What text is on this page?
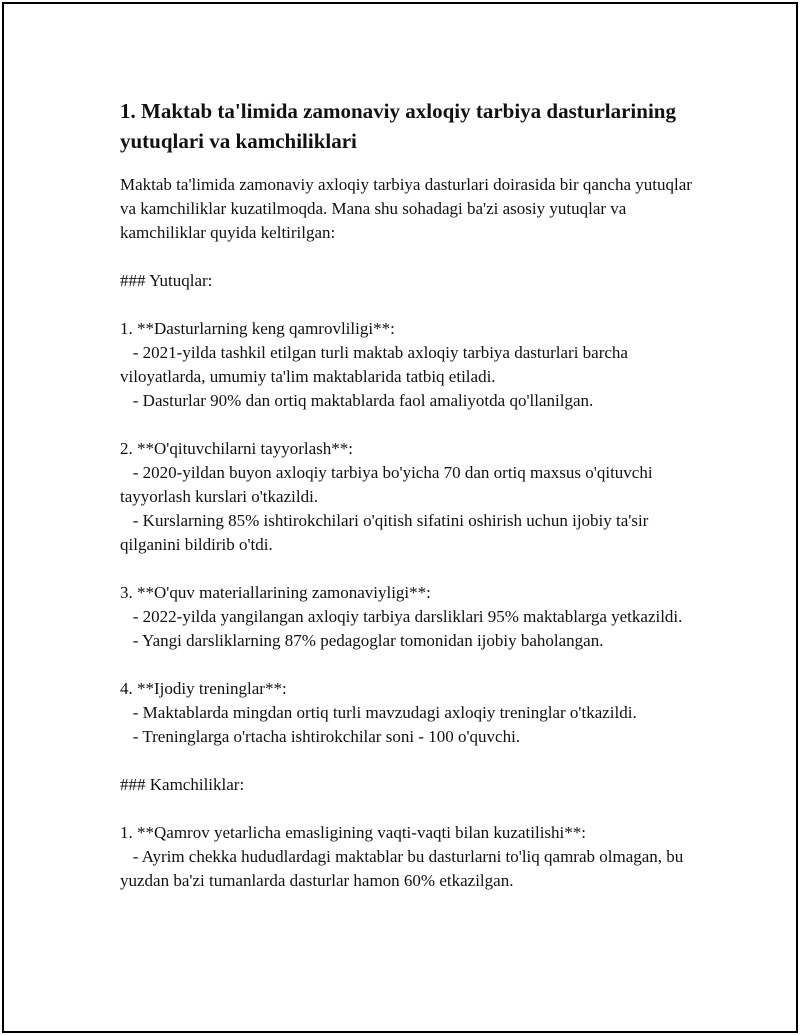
1. Maktab ta'limida zamonaviy axloqiy tarbiya dasturlarining yutuqlari va kamchiliklari

Maktab ta'limida zamonaviy axloqiy tarbiya dasturlari doirasida bir qancha yutuqlar va kamchiliklar kuzatilmoqda. Mana shu sohadagi ba'zi asosiy yutuqlar va kamchiliklar quyida keltirilgan:

### Yutuqlar:

1. **Dasturlarning keng qamrovliligi**:

- 2021-yilda tashkil etilgan turli maktab axloqiy tarbiya dasturlari barcha viloyatlarda, umumiy ta'lim maktablarida tatbiq etiladi.

- Dasturlar 90% dan ortiq maktablarda faol amaliyotda qo'llanilgan.

2. **O'qituvchilarni tayyorlash**:

- 2020-yildan buyon axloqiy tarbiya bo'yicha 70 dan ortiq maxsus o'qituvchi tayyorlash kurslari o'tkazildi.

- Kurslarning 85% ishtirokchilari o'qitish sifatini oshirish uchun ijobiy ta'sir qilganini bildirib o'tdi.

3. **O'quv materiallarining zamonaviyligi**:

- 2022-yilda yangilangan axloqiy tarbiya darsliklari 95% maktablarga yetkazildi.

- Yangi darsliklarning 87% pedagoglar tomonidan ijobiy baholangan.

4. **Ijodiy treninglar**:

- Maktablarda mingdan ortiq turli mavzudagi axloqiy treninglar o'tkazildi.

- Treninglarga o'rtacha ishtirokchilar soni - 100 o'quvchi.

### Kamchiliklar:

1. **Qamrov yetarlicha emasligining vaqti-vaqti bilan kuzatilishi**:

- Ayrim chekka hududlardagi maktablar bu dasturlarni to'liq qamrab olmagan, bu yuzdan ba'zi tumanlarda dasturlar hamon 60% etkazilgan.
